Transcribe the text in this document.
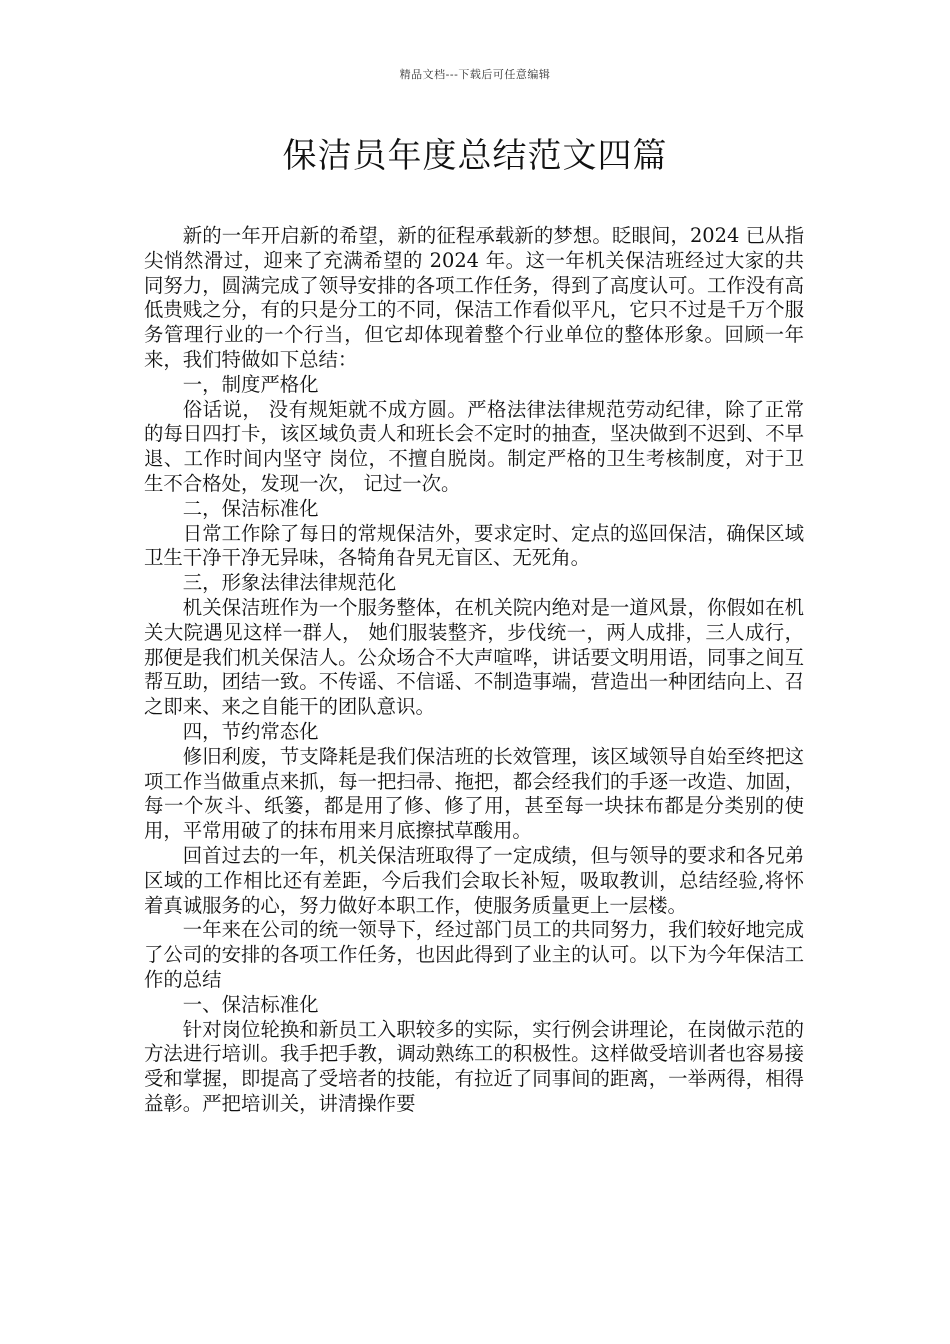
精品文档---下载后可任意编辑
保洁员年度总结范文四篇

新的一年开启新的希望，新的征程承载新的梦想。眨眼间，2024 已从指尖悄然滑过，迎来了充满希望的 2024 年。这一年机关保洁班经过大家的共同努力，圆满完成了领导安排的各项工作任务，得到了高度认可。工作没有高低贵贱之分，有的只是分工的不同，保洁工作看似平凡，它只不过是千万个服务管理行业的一个行当，但它却体现着整个行业单位的整体形象。回顾一年来，我们特做如下总结：

一，制度严格化

俗话说， 没有规矩就不成方圆。严格法律法律规范劳动纪律，除了正常的每日四打卡，该区域负责人和班长会不定时的抽查，坚决做到不迟到、不早退、工作时间内坚守 岗位，不擅自脱岗。制定严格的卫生考核制度，对于卫生不合格处，发现一次， 记过一次。

二，保洁标准化

日常工作除了每日的常规保洁外，要求定时、定点的巡回保洁，确保区域卫生干净干净无异味，各犄角旮旯无盲区、无死角。

三，形象法律法律规范化

机关保洁班作为一个服务整体，在机关院内绝对是一道风景，你假如在机关大院遇见这样一群人， 她们服装整齐，步伐统一，两人成排，三人成行，那便是我们机关保洁人。公众场合不大声喧哗，讲话要文明用语，同事之间互帮互助，团结一致。不传谣、不信谣、不制造事端，营造出一种团结向上、召之即来、来之自能干的团队意识。

四，节约常态化

修旧利废，节支降耗是我们保洁班的长效管理，该区域领导自始至终把这项工作当做重点来抓，每一把扫帚、拖把，都会经我们的手逐一改造、加固，每一个灰斗、纸篓，都是用了修、修了用，甚至每一块抹布都是分类别的使用，平常用破了的抹布用来月底擦拭草酸用。

回首过去的一年，机关保洁班取得了一定成绩，但与领导的要求和各兄弟区域的工作相比还有差距，今后我们会取长补短，吸取教训，总结经验,将怀着真诚服务的心，努力做好本职工作，使服务质量更上一层楼。

一年来在公司的统一领导下，经过部门员工的共同努力，我们较好地完成了公司的安排的各项工作任务，也因此得到了业主的认可。以下为今年保洁工作的总结

一、保洁标准化

针对岗位轮换和新员工入职较多的实际，实行例会讲理论，在岗做示范的方法进行培训。我手把手教，调动熟练工的积极性。这样做受培训者也容易接受和掌握，即提高了受培者的技能，有拉近了同事间的距离，一举两得，相得益彰。严把培训关，讲清操作要
